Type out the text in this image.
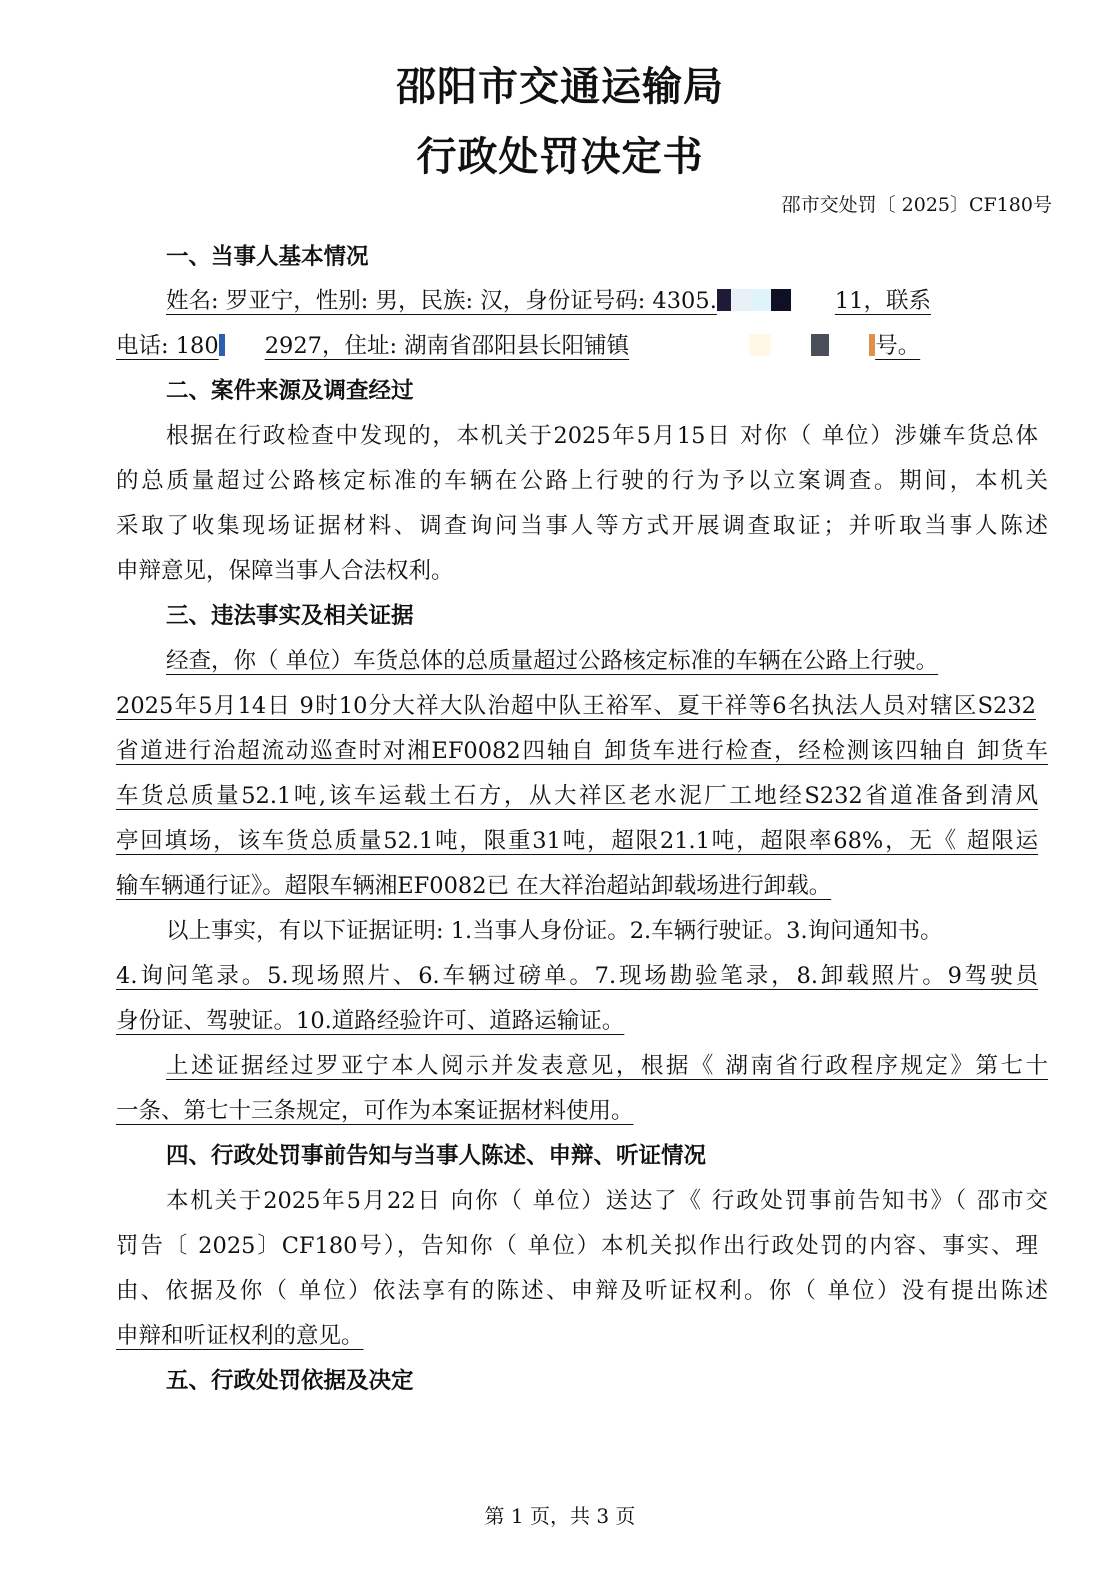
邵阳市交通运输局
行政处罚决定书
邵市交处罚〔 2025〕CF180号
一、当事人基本情况
姓名: 罗亚宁，性别: 男，民族: 汉，身份证号码: 4305.	11，联系
电话: 180 2927，住址: 湖南省邵阳县长阳铺镇	号。
二、案件来源及调查经过
根据在行政检查中发现的，本机关于2025年5月15日 对你（ 单位）涉嫌车货总体
的总质量超过公路核定标准的车辆在公路上行驶的行为予以立案调查。期间，本机关
采取了收集现场证据材料、调查询问当事人等方式开展调查取证；并听取当事人陈述
申辩意见，保障当事人合法权利。
三、违法事实及相关证据
经查，你（ 单位）车货总体的总质量超过公路核定标准的车辆在公路上行驶。
2025年5月14日 9时10分大祥大队治超中队王裕军、夏干祥等6名执法人员对辖区S232
省道进行治超流动巡查时对湘EF0082四轴自 卸货车进行检查，经检测该四轴自 卸货车
车货总质量52.1吨,该车运载土石方，从大祥区老水泥厂工地经S232省道准备到清风
亭回填场，该车货总质量52.1吨，限重31吨，超限21.1吨，超限率68%，无《 超限运
输车辆通行证》。超限车辆湘EF0082已 在大祥治超站卸载场进行卸载。
以上事实，有以下证据证明: 1.当事人身份证。2.车辆行驶证。3.询问通知书。
4.询问笔录。5.现场照片、6.车辆过磅单。7.现场勘验笔录，8.卸载照片。9驾驶员
身份证、驾驶证。10.道路经验许可、道路运输证。
上述证据经过罗亚宁本人阅示并发表意见，根据《 湖南省行政程序规定》第七十
一条、第七十三条规定，可作为本案证据材料使用。
四、行政处罚事前告知与当事人陈述、申辩、听证情况
本机关于2025年5月22日 向你（ 单位）送达了《 行政处罚事前告知书》（ 邵市交
罚告〔 2025〕CF180号），告知你（ 单位）本机关拟作出行政处罚的内容、事实、理
由、依据及你（ 单位）依法享有的陈述、申辩及听证权利。你（ 单位）没有提出陈述
申辩和听证权利的意见。
五、行政处罚依据及决定
第 1 页，共 3 页
